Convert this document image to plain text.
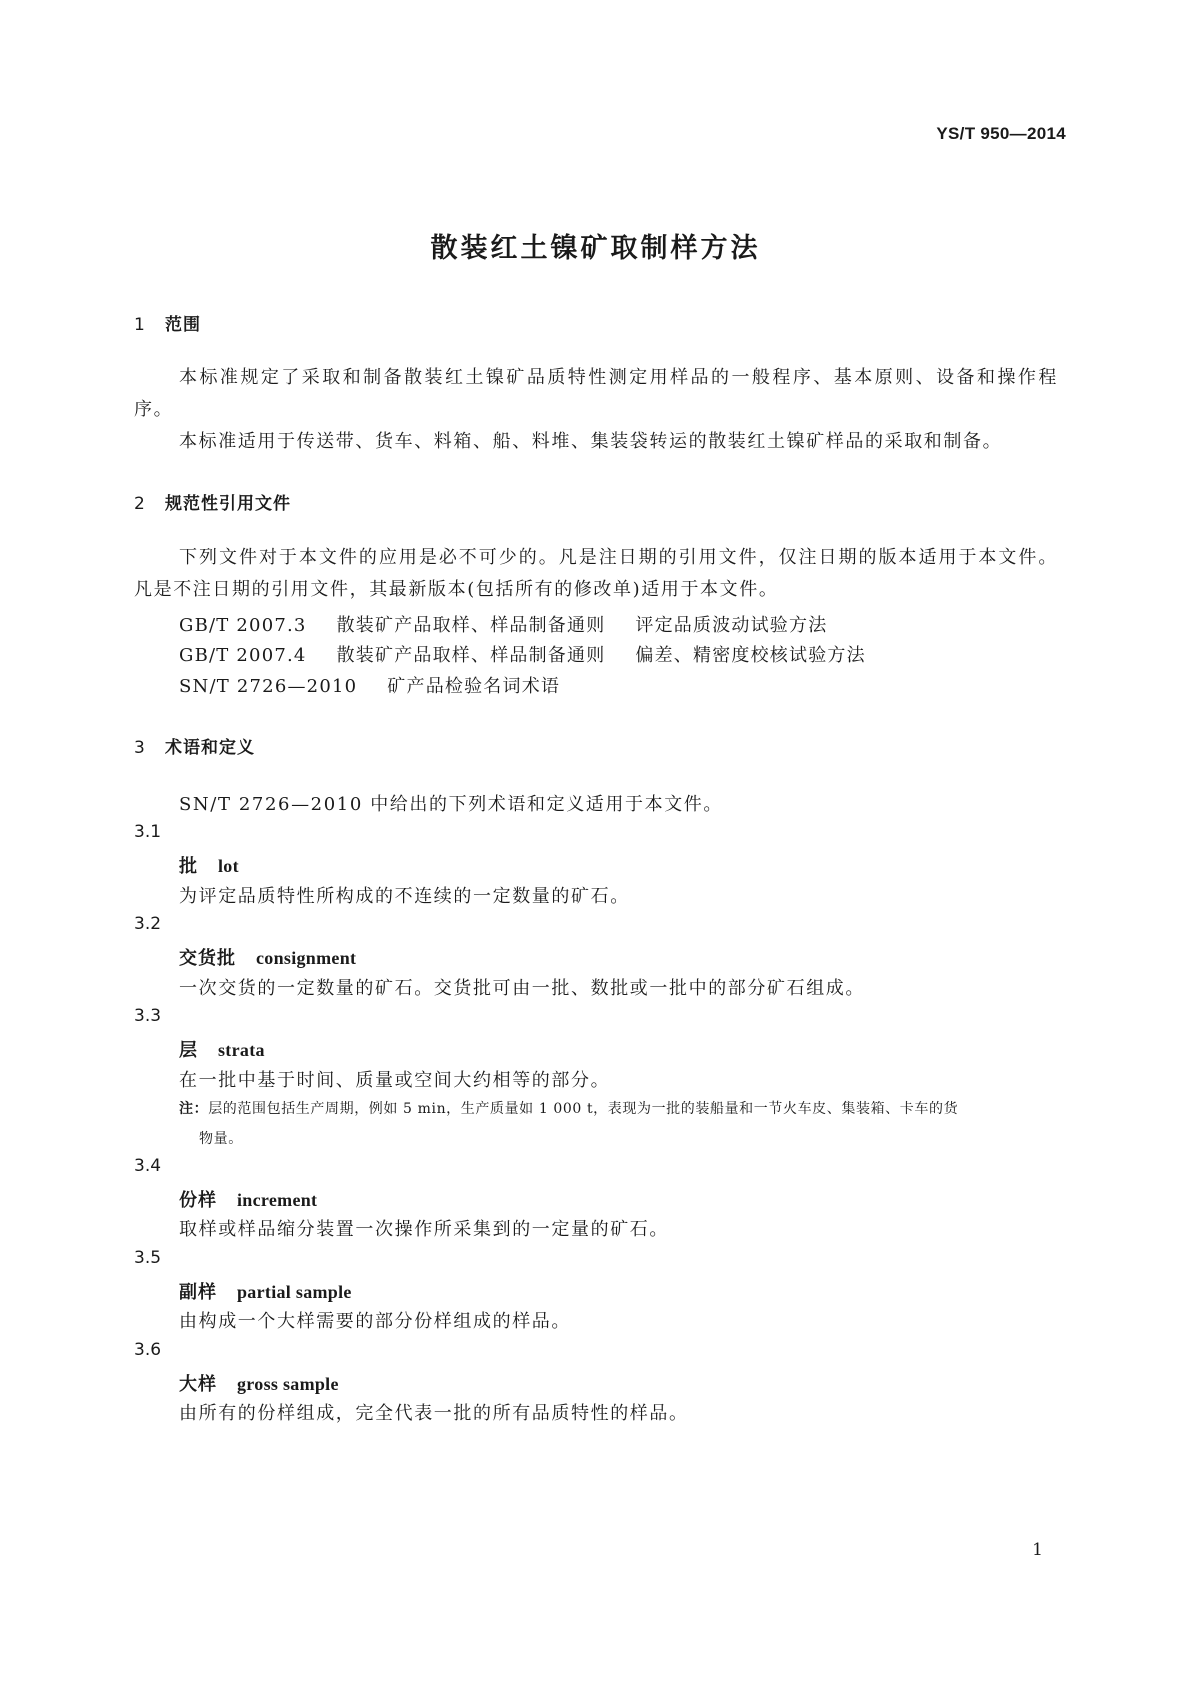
YS/T 950—2014
散装红土镍矿取制样方法
1 范围
本标准规定了采取和制备散装红土镍矿品质特性测定用样品的一般程序、基本原则、设备和操作程序。
本标准适用于传送带、货车、料箱、船、料堆、集装袋转运的散装红土镍矿样品的采取和制备。
2 规范性引用文件
下列文件对于本文件的应用是必不可少的。凡是注日期的引用文件，仅注日期的版本适用于本文件。凡是不注日期的引用文件，其最新版本(包括所有的修改单)适用于本文件。
GB/T 2007.3 散装矿产品取样、样品制备通则 评定品质波动试验方法
GB/T 2007.4 散装矿产品取样、样品制备通则 偏差、精密度校核试验方法
SN/T 2726—2010 矿产品检验名词术语
3 术语和定义
SN/T 2726—2010 中给出的下列术语和定义适用于本文件。
3.1
批 lot
为评定品质特性所构成的不连续的一定数量的矿石。
3.2
交货批 consignment
一次交货的一定数量的矿石。交货批可由一批、数批或一批中的部分矿石组成。
3.3
层 strata
在一批中基于时间、质量或空间大约相等的部分。
注：层的范围包括生产周期，例如 5 min，生产质量如 1 000 t，表现为一批的装船量和一节火车皮、集装箱、卡车的货
物量。
3.4
份样 increment
取样或样品缩分装置一次操作所采集到的一定量的矿石。
3.5
副样 partial sample
由构成一个大样需要的部分份样组成的样品。
3.6
大样 gross sample
由所有的份样组成，完全代表一批的所有品质特性的样品。
1
